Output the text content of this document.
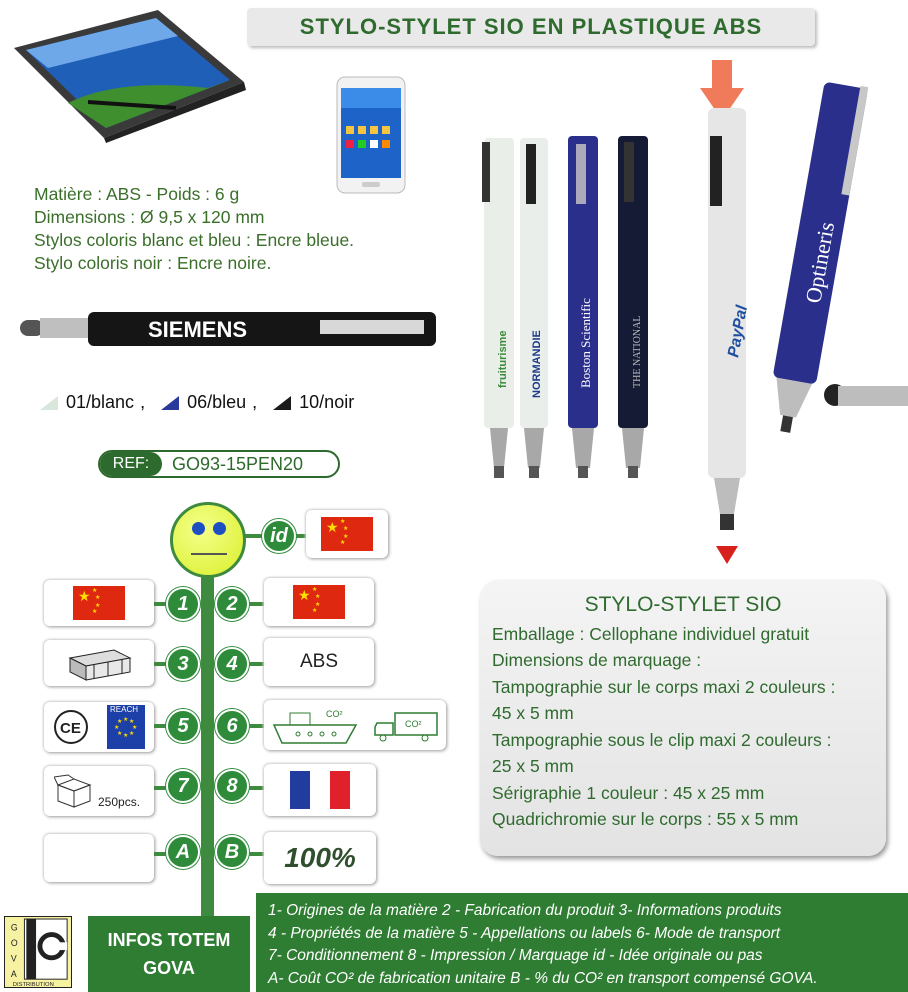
STYLO-STYLET SIO EN PLASTIQUE ABS
Matière : ABS - Poids : 6 g
Dimensions : Ø 9,5 x 120 mm
Stylos coloris blanc et bleu : Encre bleue.
Stylo coloris noir : Encre noire.
SIEMENS
01/blanc , 06/bleu , 10/noir
REF:	GO93-15PEN20
fruiturisme NORMANDIE	Boston Scientific	THE NATIONAL	PayPal
Optineris
id	★ ★
★
★
★
★ ★
★
★
★	1	2	★ ★
★
★
★
3	4	ABS
CE
REACH
★ ★
★
★
★
★
★
★	5	6
CO²
CO²
250pcs.
7	8
A	B	100%
STYLO-STYLET SIO
Emballage : Cellophane individuel gratuit
Dimensions de marquage :
Tampographie sur le corps maxi 2 couleurs :
45 x 5 mm
Tampographie sous le clip maxi 2 couleurs :
25 x 5 mm
Sérigraphie 1 couleur : 45 x 25 mm
Quadrichromie sur le corps : 55 x 5 mm
G
O
V
A
DISTRIBUTION
INFOS TOTEM
GOVA
1- Origines de la matière 2 - Fabrication du produit 3- Informations produits
4 - Propriétés de la matière 5 - Appellations ou labels 6- Mode de transport
7- Conditionnement 8 - Impression / Marquage id - Idée originale ou pas
A- Coût CO² de fabrication unitaire B - % du CO² en transport compensé GOVA.
